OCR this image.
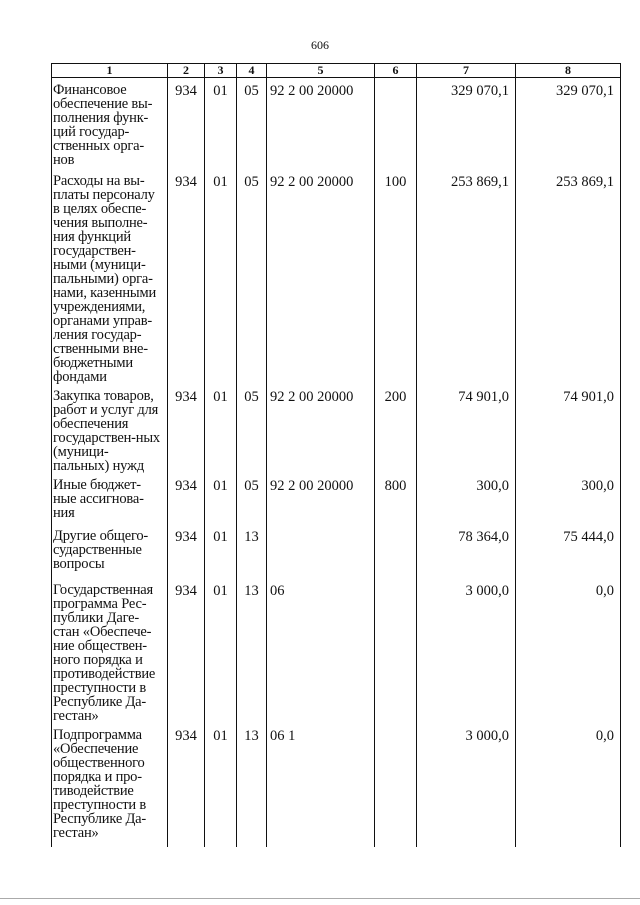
606
1	2	3	4	5	6	7	8
Финансовое обеспечение вы-полнения функ-ций государ-ственных орга-нов	934	01	05	92 2 00 20000		329 070,1	329 070,1
Расходы на вы-платы персоналу в целях обеспе-чения выполне-ния функций государствен-ными (муници-пальными) орга-нами, казенными учреждениями, органами управ-ления государ-ственными вне-бюджетными фондами	934	01	05	92 2 00 20000	100	253 869,1	253 869,1
Закупка товаров, работ и услуг для обеспечения государствен-ных (муници-пальных) нужд	934	01	05	92 2 00 20000	200	74 901,0	74 901,0
Иные бюджет-ные ассигнова-ния	934	01	05	92 2 00 20000	800	300,0	300,0
Другие общего-сударственные вопросы	934	01	13			78 364,0	75 444,0
Государственная программа Рес-публики Даге-стан «Обеспече-ние обществен-ного порядка и противодействие преступности в Республике Да-гестан»	934	01	13	06		3 000,0	0,0
Подпрограмма «Обеспечение общественного порядка и про-тиводействие преступности в Республике Да-гестан»	934	01	13	06 1		3 000,0	0,0
